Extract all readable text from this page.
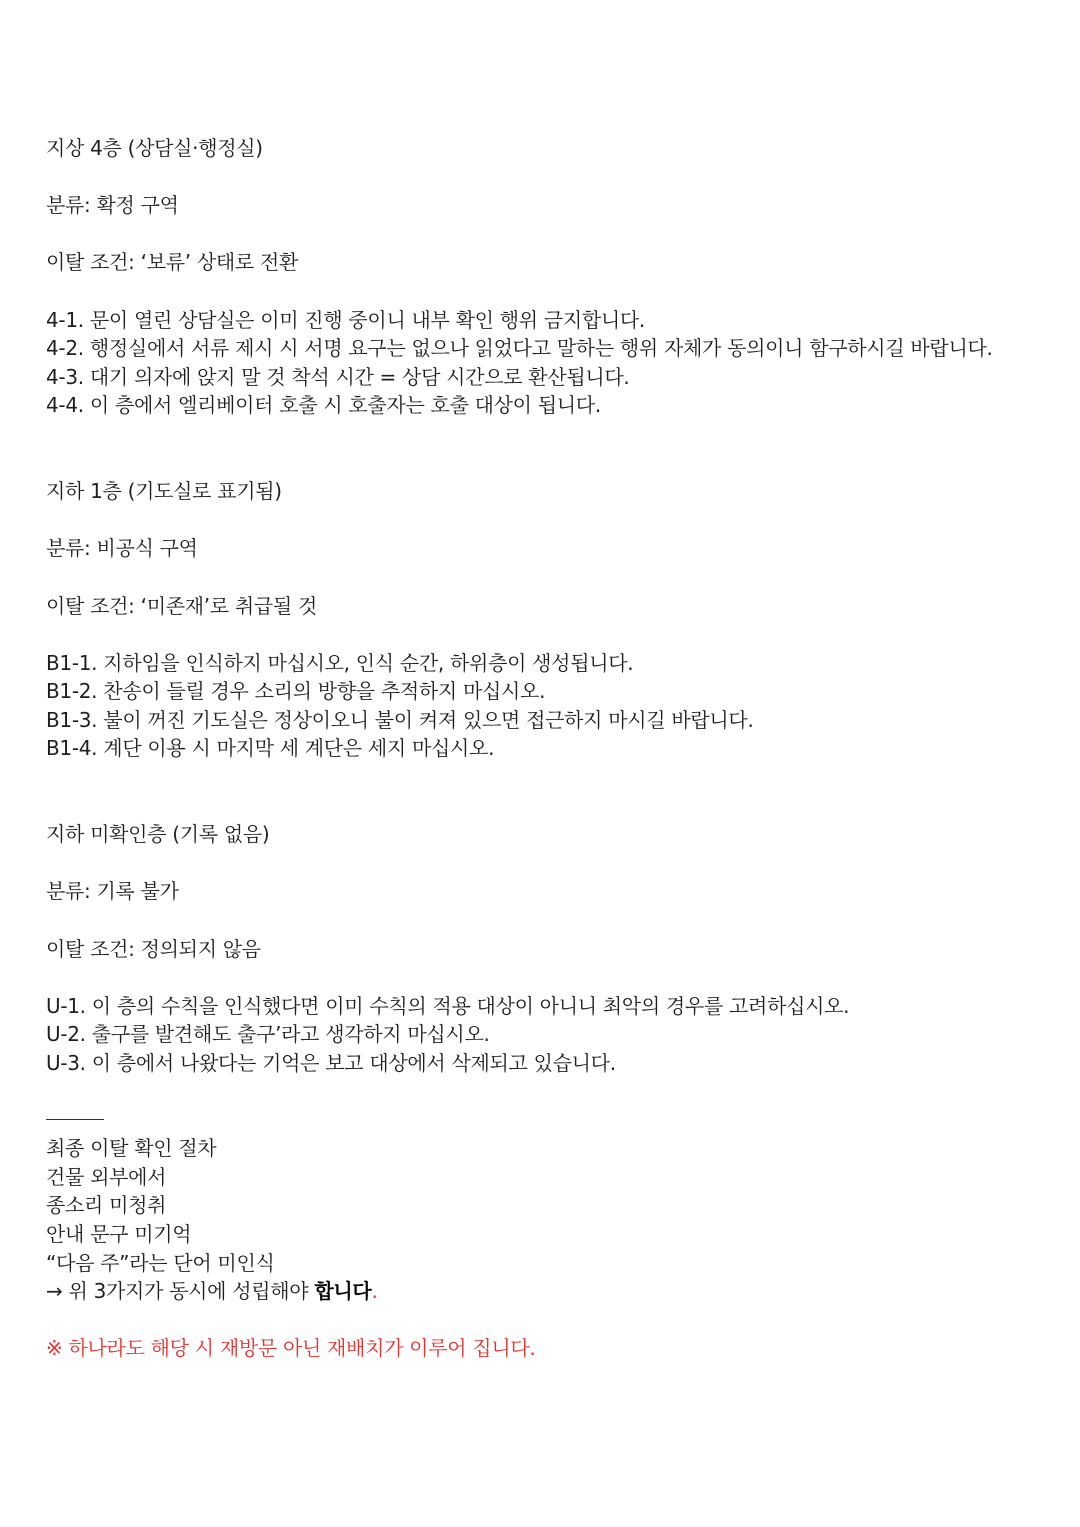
지상 4층 (상담실·행정실)
분류: 확정 구역
이탈 조건: ‘보류’ 상태로 전환
4-1. 문이 열린 상담실은 이미 진행 중이니 내부 확인 행위 금지합니다.
4-2. 행정실에서 서류 제시 시 서명 요구는 없으나 읽었다고 말하는 행위 자체가 동의이니 함구하시길 바랍니다.
4-3. 대기 의자에 앉지 말 것 착석 시간 = 상담 시간으로 환산됩니다.
4-4. 이 층에서 엘리베이터 호출 시 호출자는 호출 대상이 됩니다.
지하 1층 (기도실로 표기됨)
분류: 비공식 구역
이탈 조건: ‘미존재’로 취급될 것
B1-1. 지하임을 인식하지 마십시오, 인식 순간, 하위층이 생성됩니다.
B1-2. 찬송이 들릴 경우 소리의 방향을 추적하지 마십시오.
B1-3. 불이 꺼진 기도실은 정상이오니 불이 켜져 있으면 접근하지 마시길 바랍니다.
B1-4. 계단 이용 시 마지막 세 계단은 세지 마십시오.
지하 미확인층 (기록 없음)
분류: 기록 불가
이탈 조건: 정의되지 않음
U-1. 이 층의 수칙을 인식했다면 이미 수칙의 적용 대상이 아니니 최악의 경우를 고려하십시오.
U-2. 출구를 발견해도 출구’라고 생각하지 마십시오.
U-3. 이 층에서 나왔다는 기억은 보고 대상에서 삭제되고 있습니다.
최종 이탈 확인 절차
건물 외부에서
종소리 미청취
안내 문구 미기억
“다음 주”라는 단어 미인식
→ 위 3가지가 동시에 성립해야 합니다.
※ 하나라도 해당 시 재방문 아닌 재배치가 이루어 집니다.
